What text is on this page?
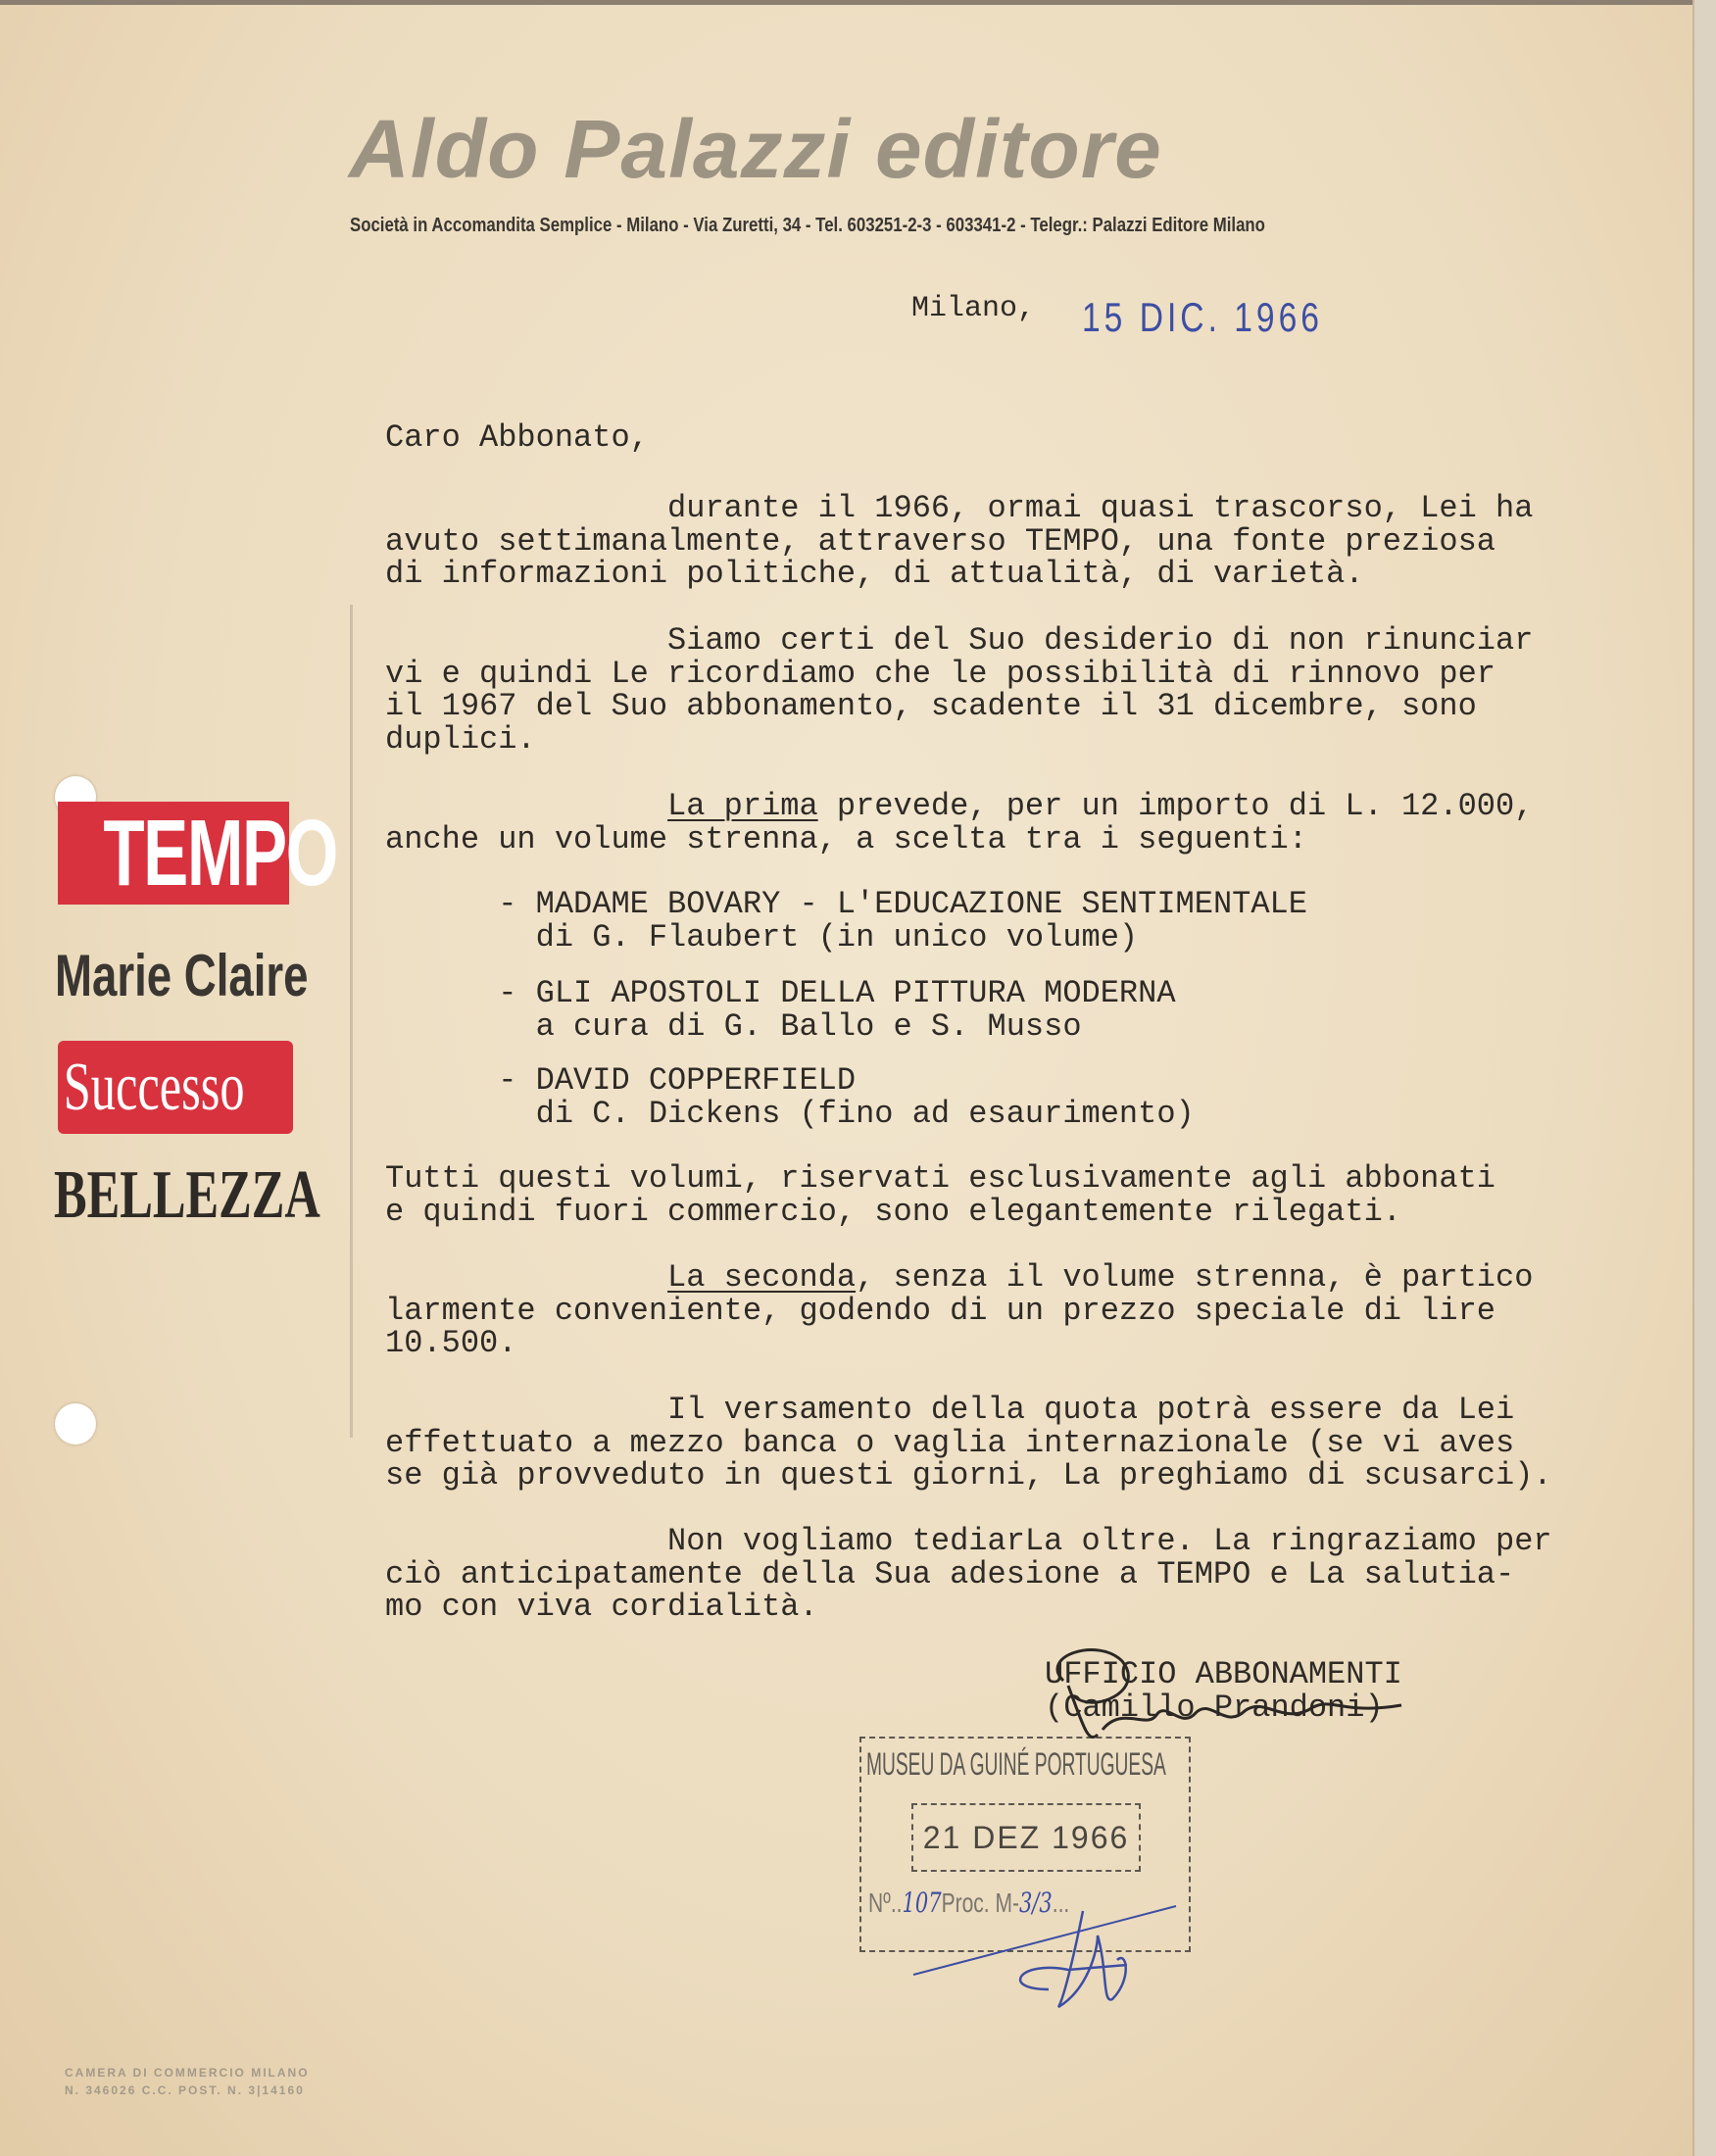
Aldo Palazzi editore
Società in Accomandita Semplice - Milano - Via Zuretti, 34 - Tel. 603251-2-3 - 603341-2 - Telegr.: Palazzi Editore Milano
Milano, 15 DIC. 1966
Caro Abbonato,
durante il 1966, ormai quasi trascorso, Lei ha
avuto settimanalmente, attraverso TEMPO, una fonte preziosa
di informazioni politiche, di attualità, di varietà.
Siamo certi del Suo desiderio di non rinunciar
vi e quindi Le ricordiamo che le possibilità di rinnovo per
il 1967 del Suo abbonamento, scadente il 31 dicembre, sono
duplici.
La prima prevede, per un importo di L. 12.000,
anche un volume strenna, a scelta tra i seguenti:
- MADAME BOVARY - L'EDUCAZIONE SENTIMENTALE
di G. Flaubert (in unico volume)
- GLI APOSTOLI DELLA PITTURA MODERNA
a cura di G. Ballo e S. Musso
- DAVID COPPERFIELD
di C. Dickens (fino ad esaurimento)
Tutti questi volumi, riservati esclusivamente agli abbonati
e quindi fuori commercio, sono elegantemente rilegati.
La seconda, senza il volume strenna, è partico
larmente conveniente, godendo di un prezzo speciale di lire
10.500.
Il versamento della quota potrà essere da Lei
effettuato a mezzo banca o vaglia internazionale (se vi aves
se già provveduto in questi giorni, La preghiamo di scusarci).
Non vogliamo tediarLa oltre. La ringraziamo per
ciò anticipatamente della Sua adesione a TEMPO e La salutia-
mo con viva cordialità.
UFFICIO ABBONAMENTI
(Camillo Prandoni)
MUSEU DA GUINÉ PORTUGUESA
21 DEZ 1966
Nº..107Proc. M-3/3...
TEMPO
Marie Claire
Successo
BELLEZZA
CAMERA DI COMMERCIO MILANO
N. 346026 C.C. POST. N. 3|14160
